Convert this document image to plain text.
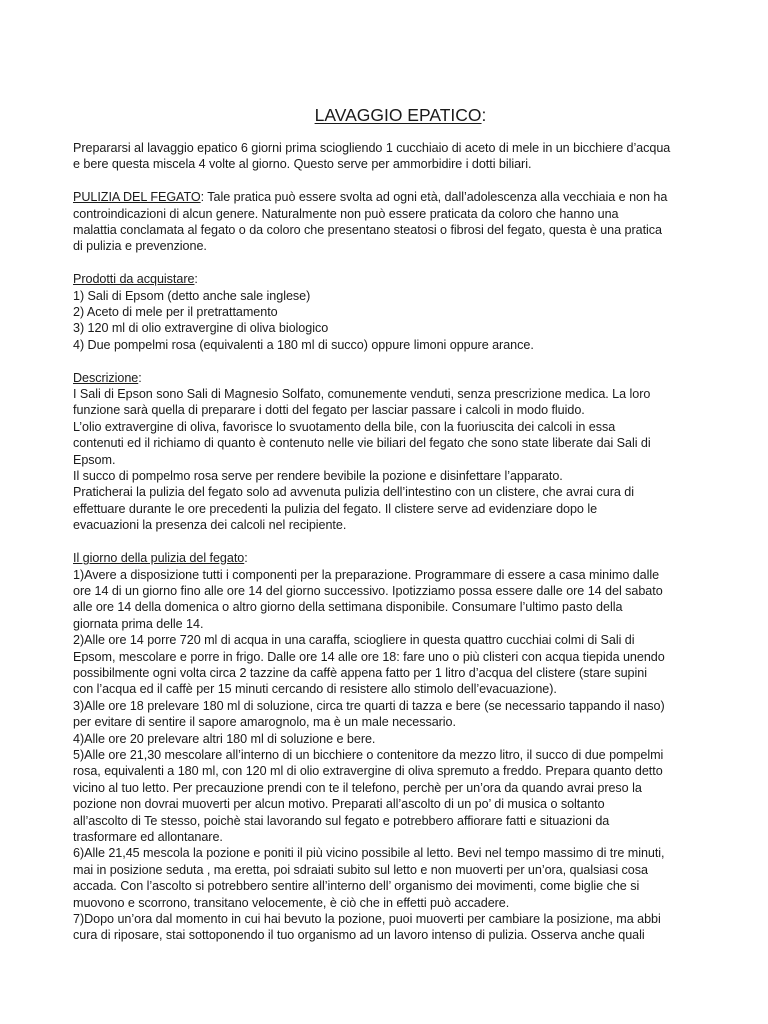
LAVAGGIO EPATICO:

Prepararsi al lavaggio epatico 6 giorni prima sciogliendo 1 cucchiaio di aceto di mele in un bicchiere d’acqua

e bere questa miscela 4 volte al giorno. Questo serve per ammorbidire i dotti biliari.

PULIZIA DEL FEGATO: Tale pratica può essere svolta ad ogni età, dall’adolescenza alla vecchiaia e non ha

controindicazioni di alcun genere. Naturalmente non può essere praticata da coloro che hanno una

malattia conclamata al fegato o da coloro che presentano steatosi o fibrosi del fegato, questa è una pratica

di pulizia e prevenzione.

Prodotti da acquistare:

1) Sali di Epsom (detto anche sale inglese)

2) Aceto di mele per il pretrattamento

3) 120 ml di olio extravergine di oliva biologico

4) Due pompelmi rosa (equivalenti a 180 ml di succo) oppure limoni oppure arance.

Descrizione:

I Sali di Epson sono Sali di Magnesio Solfato, comunemente venduti, senza prescrizione medica. La loro

funzione sarà quella di preparare i dotti del fegato per lasciar passare i calcoli in modo fluido.

L’olio extravergine di oliva, favorisce lo svuotamento della bile, con la fuoriuscita dei calcoli in essa

contenuti ed il richiamo di quanto è contenuto nelle vie biliari del fegato che sono state liberate dai Sali di

Epsom.

Il succo di pompelmo rosa serve per rendere bevibile la pozione e disinfettare l’apparato.

Praticherai la pulizia del fegato solo ad avvenuta pulizia dell’intestino con un clistere, che avrai cura di

effettuare durante le ore precedenti la pulizia del fegato. Il clistere serve ad evidenziare dopo le

evacuazioni la presenza dei calcoli nel recipiente.

Il giorno della pulizia del fegato:

1)Avere a disposizione tutti i componenti per la preparazione. Programmare di essere a casa minimo dalle

ore 14 di un giorno fino alle ore 14 del giorno successivo. Ipotizziamo possa essere dalle ore 14 del sabato

alle ore 14 della domenica o altro giorno della settimana disponibile. Consumare l’ultimo pasto della

giornata prima delle 14.

2)Alle ore 14 porre 720 ml di acqua in una caraffa, sciogliere in questa quattro cucchiai colmi di Sali di

Epsom, mescolare e porre in frigo. Dalle ore 14 alle ore 18: fare uno o più clisteri con acqua tiepida unendo

possibilmente ogni volta circa 2 tazzine da caffè appena fatto per 1 litro d’acqua del clistere (stare supini

con l’acqua ed il caffè per 15 minuti cercando di resistere allo stimolo dell’evacuazione).

3)Alle ore 18 prelevare 180 ml di soluzione, circa tre quarti di tazza e bere (se necessario tappando il naso)

per evitare di sentire il sapore amarognolo, ma è un male necessario.

4)Alle ore 20 prelevare altri 180 ml di soluzione e bere.

5)Alle ore 21,30 mescolare all’interno di un bicchiere o contenitore da mezzo litro, il succo di due pompelmi

rosa, equivalenti a 180 ml, con 120 ml di olio extravergine di oliva spremuto a freddo. Prepara quanto detto

vicino al tuo letto. Per precauzione prendi con te il telefono, perchè per un’ora da quando avrai preso la

pozione non dovrai muoverti per alcun motivo. Preparati all’ascolto di un po’ di musica o soltanto

all’ascolto di Te stesso, poichè stai lavorando sul fegato e potrebbero affiorare fatti e situazioni da

trasformare ed allontanare.

6)Alle 21,45 mescola la pozione e poniti il più vicino possibile al letto. Bevi nel tempo massimo di tre minuti,

mai in posizione seduta , ma eretta, poi sdraiati subito sul letto e non muoverti per un’ora, qualsiasi cosa

accada. Con l’ascolto si potrebbero sentire all’interno dell’ organismo dei movimenti, come biglie che si

muovono e scorrono, transitano velocemente, è ciò che in effetti può accadere.

7)Dopo un’ora dal momento in cui hai bevuto la pozione, puoi muoverti per cambiare la posizione, ma abbi

cura di riposare, stai sottoponendo il tuo organismo ad un lavoro intenso di pulizia. Osserva anche quali
